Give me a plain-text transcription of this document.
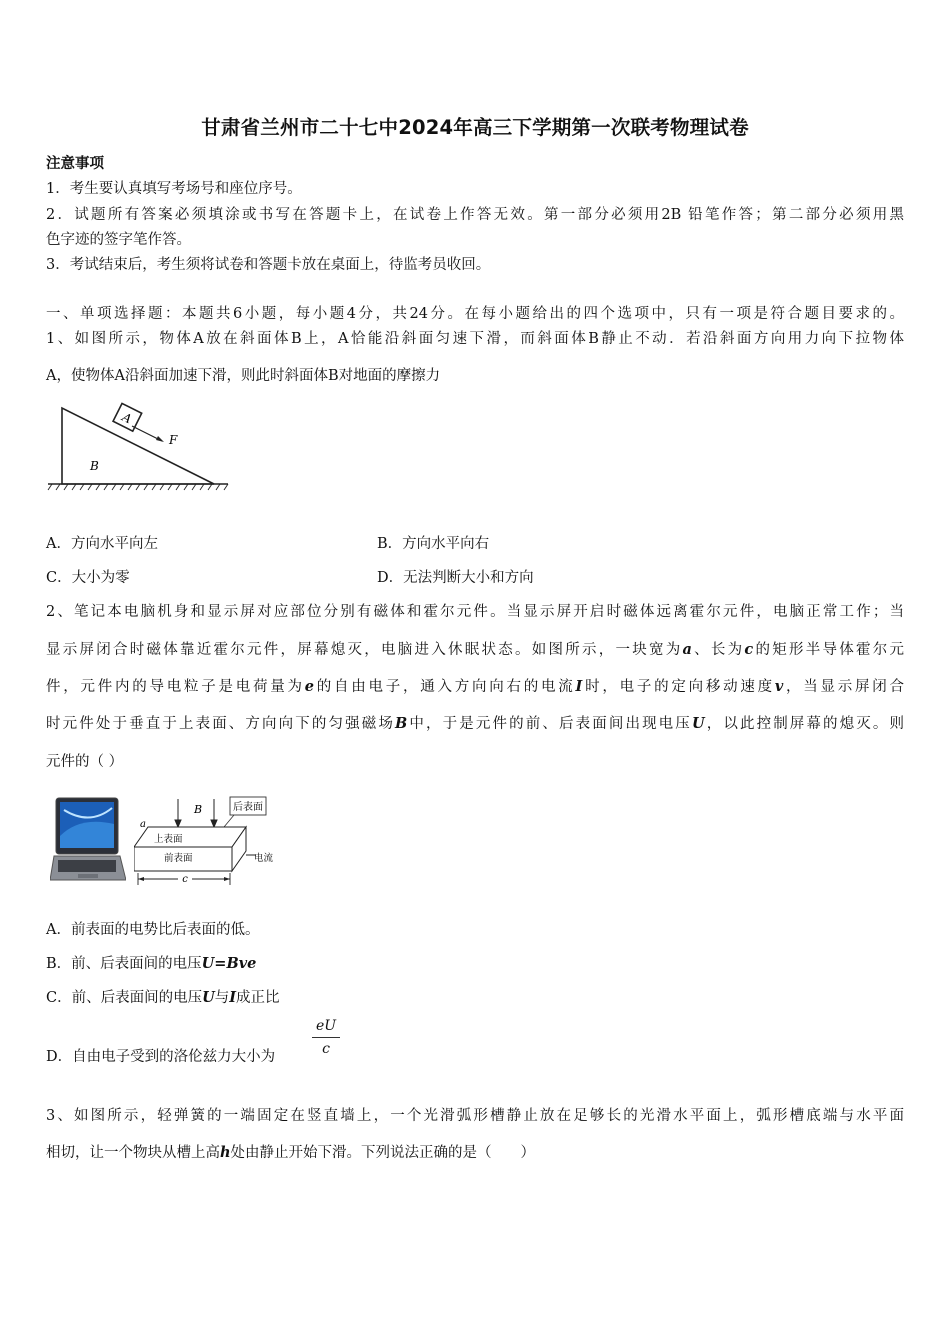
甘肃省兰州市二十七中2024年高三下学期第一次联考物理试卷
注意事项
1．考生要认真填写考场号和座位序号。
2．试题所有答案必须填涂或书写在答题卡上，在试卷上作答无效。第一部分必须用2B 铅笔作答；第二部分必须用黑
色字迹的签字笔作答。
3．考试结束后，考生须将试卷和答题卡放在桌面上，待监考员收回。
一、单项选择题：本题共6小题，每小题4分，共24分。在每小题给出的四个选项中，只有一项是符合题目要求的。
1、如图所示，物体A放在斜面体B上，A恰能沿斜面匀速下滑，而斜面体B静止不动．若沿斜面方向用力向下拉物体
A，使物体A沿斜面加速下滑，则此时斜面体B对地面的摩擦力
A
F
B
A．方向水平向左	B．方向水平向右
C．大小为零	D．无法判断大小和方向
2、笔记本电脑机身和显示屏对应部位分别有磁体和霍尔元件。当显示屏开启时磁体远离霍尔元件，电脑正常工作；当
显示屏闭合时磁体靠近霍尔元件，屏幕熄灭，电脑进入休眠状态。如图所示，一块宽为a、长为c的矩形半导体霍尔元
件，元件内的导电粒子是电荷量为e的自由电子，通入方向向右的电流I时，电子的定向移动速度v，当显示屏闭合
时元件处于垂直于上表面、方向向下的匀强磁场B中，于是元件的前、后表面间出现电压U，以此控制屏幕的熄灭。则
元件的（ ）
后表面
B
上表面
前表面
a
电流
c
A．前表面的电势比后表面的低。
B．前、后表面间的电压U=Bve
C．前、后表面间的电压U与I成正比
D．自由电子受到的洛伦兹力大小为	$\frac{eU}{c}$
3、如图所示，轻弹簧的一端固定在竖直墙上，一个光滑弧形槽静止放在足够长的光滑水平面上，弧形槽底端与水平面
相切，让一个物块从槽上高h处由静止开始下滑。下列说法正确的是（　　）
